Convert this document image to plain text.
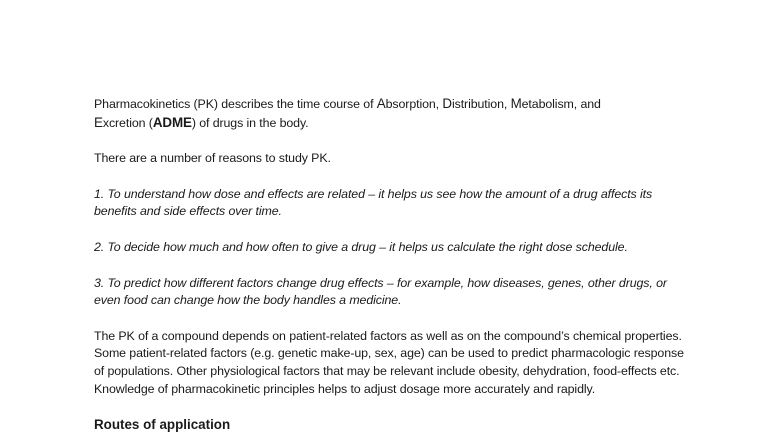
Pharmacokinetics (PK) describes the time course of Absorption, Distribution, Metabolism, and
Excretion (ADME) of drugs in the body.

There are a number of reasons to study PK.

1. To understand how dose and effects are related – it helps us see how the amount of a drug affects its benefits and side effects over time.

2. To decide how much and how often to give a drug – it helps us calculate the right dose schedule.

3. To predict how different factors change drug effects – for example, how diseases, genes, other drugs, or even food can change how the body handles a medicine.

The PK of a compound depends on patient-related factors as well as on the compound’s chemical properties. Some patient-related factors (e.g. genetic make-up, sex, age) can be used to predict pharmacologic response of populations. Other physiological factors that may be relevant include obesity, dehydration, food-effects etc. Knowledge of pharmacokinetic principles helps to adjust dosage more accurately and rapidly.

Routes of application
